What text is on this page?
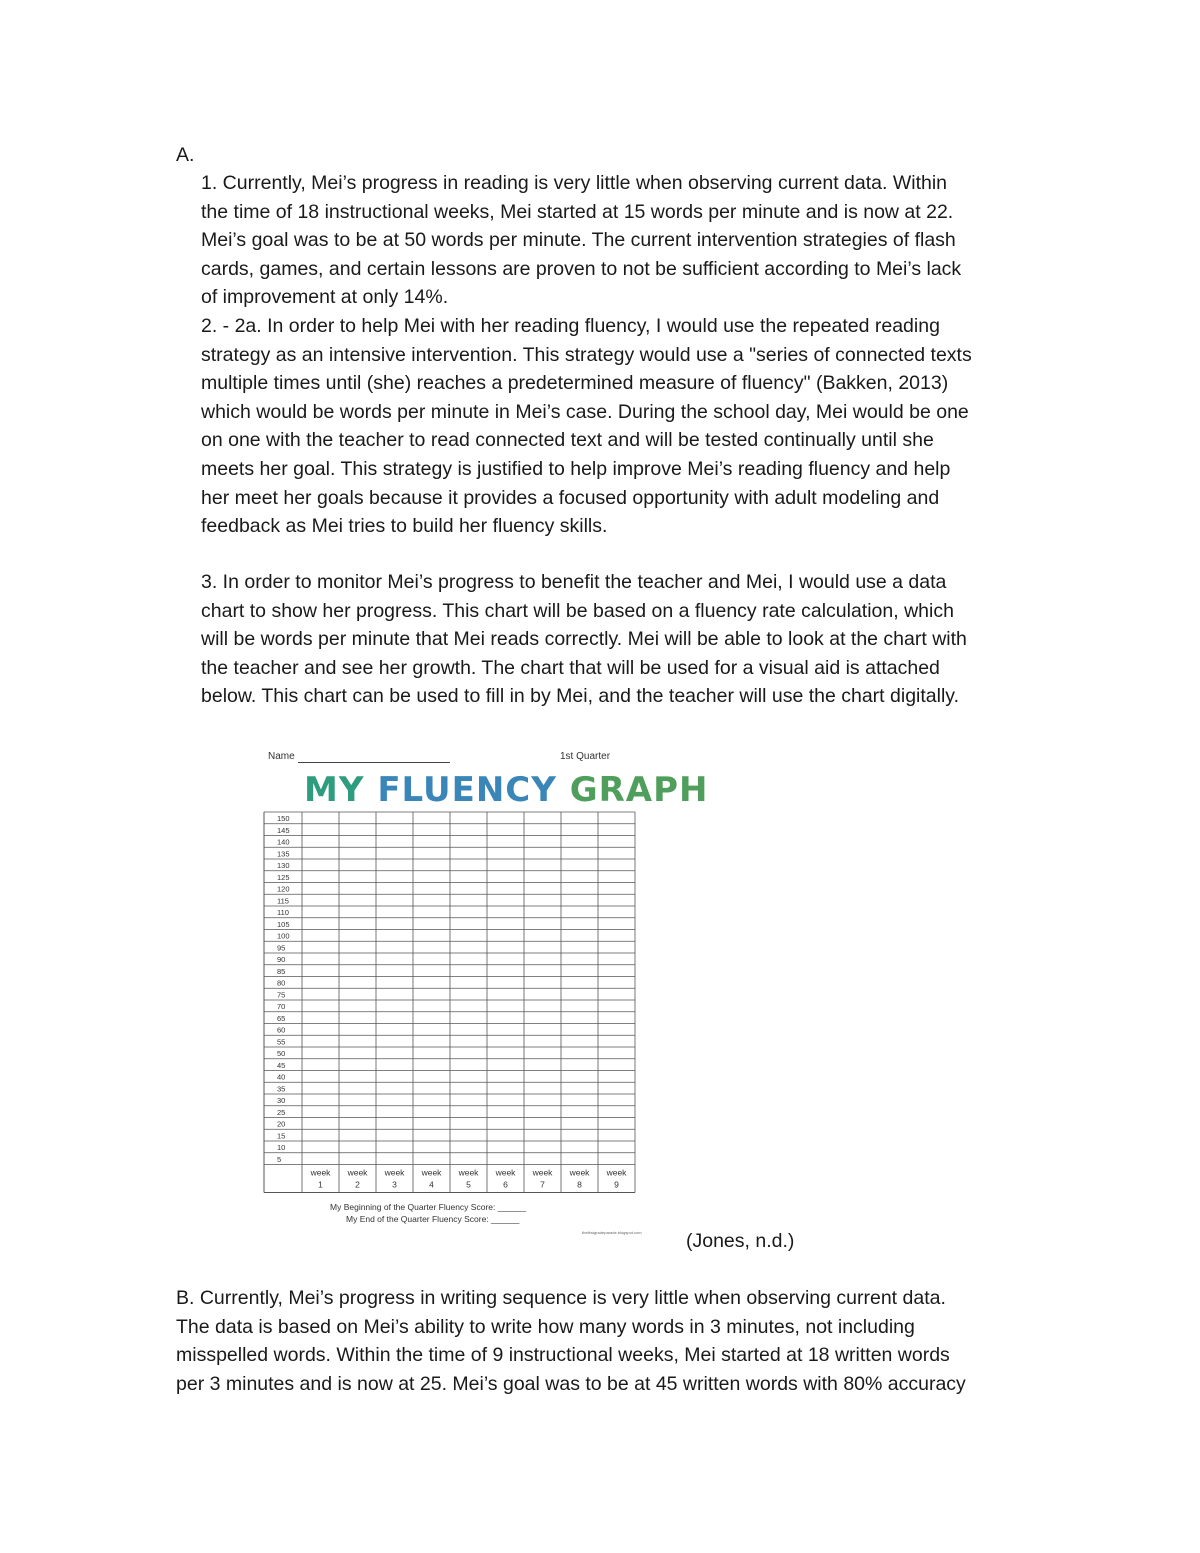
A.

1. Currently, Mei’s progress in reading is very little when observing current data. Within
the time of 18 instructional weeks, Mei started at 15 words per minute and is now at 22.
Mei’s goal was to be at 50 words per minute. The current intervention strategies of flash
cards, games, and certain lessons are proven to not be sufficient according to Mei’s lack
of improvement at only 14%.

2. - 2a. In order to help Mei with her reading fluency, I would use the repeated reading
strategy as an intensive intervention. This strategy would use a "series of connected texts
multiple times until (she) reaches a predetermined measure of fluency" (Bakken, 2013)
which would be words per minute in Mei’s case. During the school day, Mei would be one
on one with the teacher to read connected text and will be tested continually until she
meets her goal. This strategy is justified to help improve Mei’s reading fluency and help
her meet her goals because it provides a focused opportunity with adult modeling and
feedback as Mei tries to build her fluency skills.

3. In order to monitor Mei’s progress to benefit the teacher and Mei, I would use a data
chart to show her progress. This chart will be based on a fluency rate calculation, which
will be words per minute that Mei reads correctly. Mei will be able to look at the chart with
the teacher and see her growth. The chart that will be used for a visual aid is attached
below. This chart can be used to fill in by Mei, and the teacher will use the chart digitally.

Name	1st Quarter
MY FLUENCY GRAPH
150
145
140
135
130
125
120
115
110
105
100
95
90
85
80
75
70
65
60
55
50
45
40
35
30
25
20
15
10
5
week
1
week
2
week
3
week
4
week
5
week
6
week
7
week
8
week
9
My Beginning of the Quarter Fluency Score: ______
My End of the Quarter Fluency Score: ______
thefirstgradeparade.blogspot.com (Jones, n.d.)

B. Currently, Mei’s progress in writing sequence is very little when observing current data.
The data is based on Mei’s ability to write how many words in 3 minutes, not including
misspelled words. Within the time of 9 instructional weeks, Mei started at 18 written words
per 3 minutes and is now at 25. Mei’s goal was to be at 45 written words with 80% accuracy
